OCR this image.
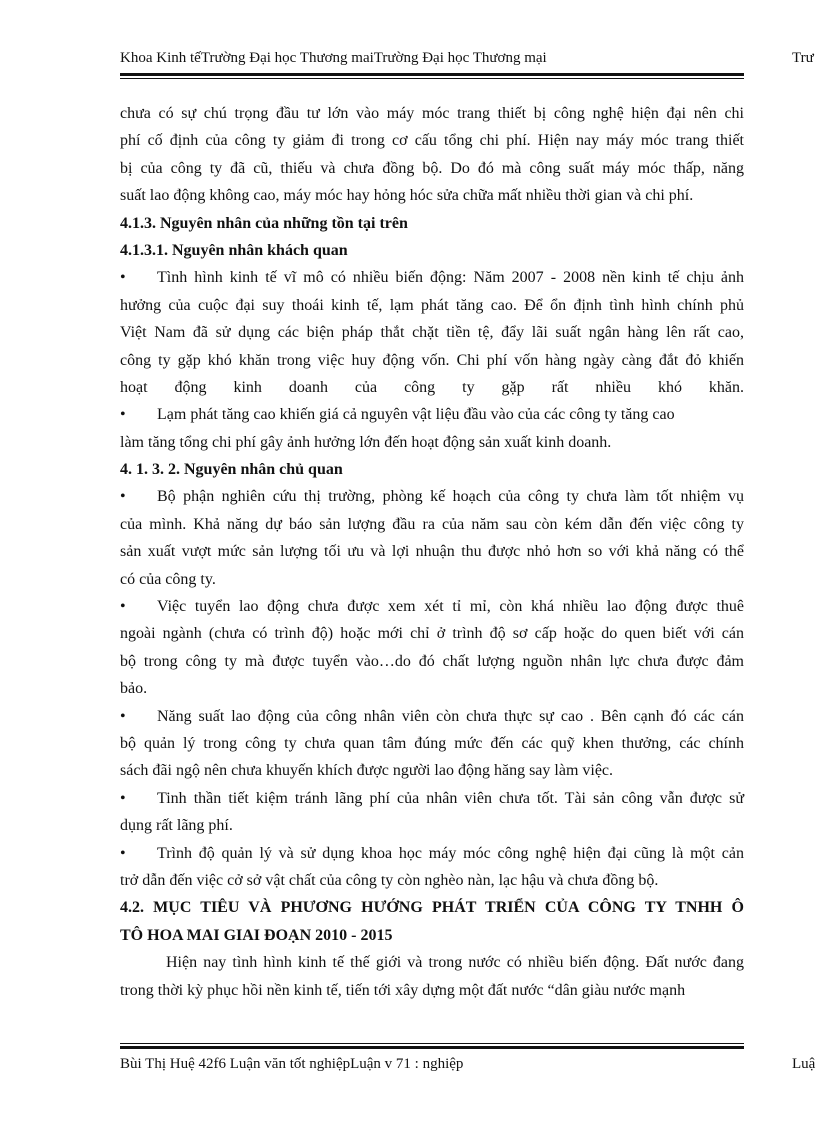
Khoa Kinh tếTrường Đại học Thương maiTrường Đại học Thương mại	Trư
chưa có sự chú trọng đầu tư lớn vào máy móc trang thiết bị công nghệ hiện đại nên chi
phí cố định của công ty giảm đi trong cơ cấu tổng chi phí. Hiện nay máy móc trang thiết
bị của công ty đã cũ, thiếu và chưa đồng bộ. Do đó mà công suất máy móc thấp, năng
suất lao động không cao, máy móc hay hỏng hóc sửa chữa mất nhiều thời gian và chi phí.
4.1.3. Nguyên nhân của những tồn tại trên
4.1.3.1. Nguyên nhân khách quan
• Tình hình kinh tế vĩ mô có nhiều biến động: Năm 2007 - 2008 nền kinh tế chịu ảnh
hưởng của cuộc đại suy thoái kinh tế, lạm phát tăng cao. Để ổn định tình hình chính phủ
Việt Nam đã sử dụng các biện pháp thắt chặt tiền tệ, đẩy lãi suất ngân hàng lên rất cao,
công ty gặp khó khăn trong việc huy động vốn. Chi phí vốn hàng ngày càng đắt đỏ khiến
hoạt động kinh doanh của công ty gặp rất nhiều khó khăn.
• Lạm phát tăng cao khiến giá cả nguyên vật liệu đầu vào của các công ty tăng cao
làm tăng tổng chi phí gây ảnh hưởng lớn đến hoạt động sản xuất kinh doanh.
4. 1. 3. 2. Nguyên nhân chủ quan
• Bộ phận nghiên cứu thị trường, phòng kế hoạch của công ty chưa làm tốt nhiệm vụ
của mình. Khả năng dự báo sản lượng đầu ra của năm sau còn kém dẫn đến việc công ty
sản xuất vượt mức sản lượng tối ưu và lợi nhuận thu được nhỏ hơn so với khả năng có thể
có của công ty.
• Việc tuyển lao động chưa được xem xét tỉ mỉ, còn khá nhiều lao động được thuê
ngoài ngành (chưa có trình độ) hoặc mới chỉ ở trình độ sơ cấp hoặc do quen biết với cán
bộ trong công ty mà được tuyển vào…do đó chất lượng nguồn nhân lực chưa được đảm
bảo.
• Năng suất lao động của công nhân viên còn chưa thực sự cao . Bên cạnh đó các cán
bộ quản lý trong công ty chưa quan tâm đúng mức đến các quỹ khen thưởng, các chính
sách đãi ngộ nên chưa khuyến khích được người lao động hăng say làm việc.
• Tinh thần tiết kiệm tránh lãng phí của nhân viên chưa tốt. Tài sản công vẫn được sử
dụng rất lãng phí.
• Trình độ quản lý và sử dụng khoa học máy móc công nghệ hiện đại cũng là một cản
trở dẫn đến việc cở sở vật chất của công ty còn nghèo nàn, lạc hậu và chưa đồng bộ.
4.2. MỤC TIÊU VÀ PHƯƠNG HƯỚNG PHÁT TRIỂN CỦA CÔNG TY TNHH Ô
TÔ HOA MAI GIAI ĐOẠN 2010 - 2015
Hiện nay tình hình kinh tế thế giới và trong nước có nhiều biến động. Đất nước đang
trong thời kỳ phục hồi nền kinh tế, tiến tới xây dựng một đất nước “dân giàu nước mạnh
Bùi Thị Huệ 42f6 Luận văn tốt nghiệpLuận v 71 : nghiệp	Luậ
